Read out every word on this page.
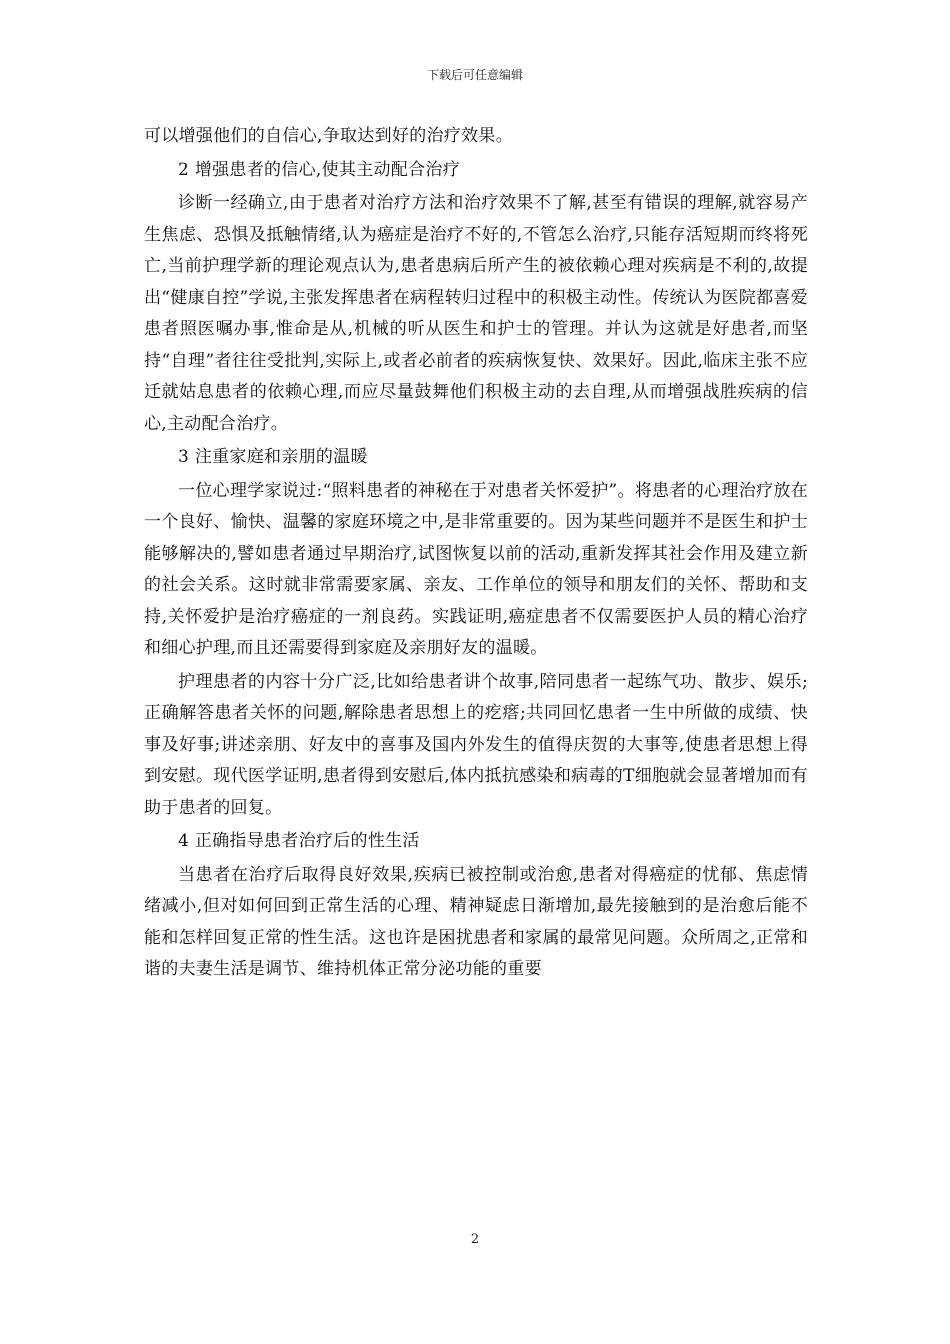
下载后可任意编辑

可以增强他们的自信心,争取达到好的治疗效果。

2 增强患者的信心,使其主动配合治疗

诊断一经确立,由于患者对治疗方法和治疗效果不了解,甚至有错误的理解,就容易产生焦虑、恐惧及抵触情绪,认为癌症是治疗不好的,不管怎么治疗,只能存活短期而终将死亡,当前护理学新的理论观点认为,患者患病后所产生的被依赖心理对疾病是不利的,故提出“健康自控”学说,主张发挥患者在病程转归过程中的积极主动性。传统认为医院都喜爱患者照医嘱办事,惟命是从,机械的听从医生和护士的管理。并认为这就是好患者,而坚持“自理”者往往受批判,实际上,或者必前者的疾病恢复快、效果好。因此,临床主张不应迁就姑息患者的依赖心理,而应尽量鼓舞他们积极主动的去自理,从而增强战胜疾病的信心,主动配合治疗。

3 注重家庭和亲朋的温暖

一位心理学家说过:“照料患者的神秘在于对患者关怀爱护”。将患者的心理治疗放在一个良好、愉快、温馨的家庭环境之中,是非常重要的。因为某些问题并不是医生和护士能够解决的,譬如患者通过早期治疗,试图恢复以前的活动,重新发挥其社会作用及建立新的社会关系。这时就非常需要家属、亲友、工作单位的领导和朋友们的关怀、帮助和支持,关怀爱护是治疗癌症的一剂良药。实践证明,癌症患者不仅需要医护人员的精心治疗和细心护理,而且还需要得到家庭及亲朋好友的温暖。

护理患者的内容十分广泛,比如给患者讲个故事,陪同患者一起练气功、散步、娱乐;正确解答患者关怀的问题,解除患者思想上的疙瘩;共同回忆患者一生中所做的成绩、快事及好事;讲述亲朋、好友中的喜事及国内外发生的值得庆贺的大事等,使患者思想上得到安慰。现代医学证明,患者得到安慰后,体内抵抗感染和病毒的T细胞就会显著增加而有助于患者的回复。

4 正确指导患者治疗后的性生活

当患者在治疗后取得良好效果,疾病已被控制或治愈,患者对得癌症的忧郁、焦虑情绪减小,但对如何回到正常生活的心理、精神疑虑日渐增加,最先接触到的是治愈后能不能和怎样回复正常的性生活。这也许是困扰患者和家属的最常见问题。众所周之,正常和谐的夫妻生活是调节、维持机体正常分泌功能的重要

2
